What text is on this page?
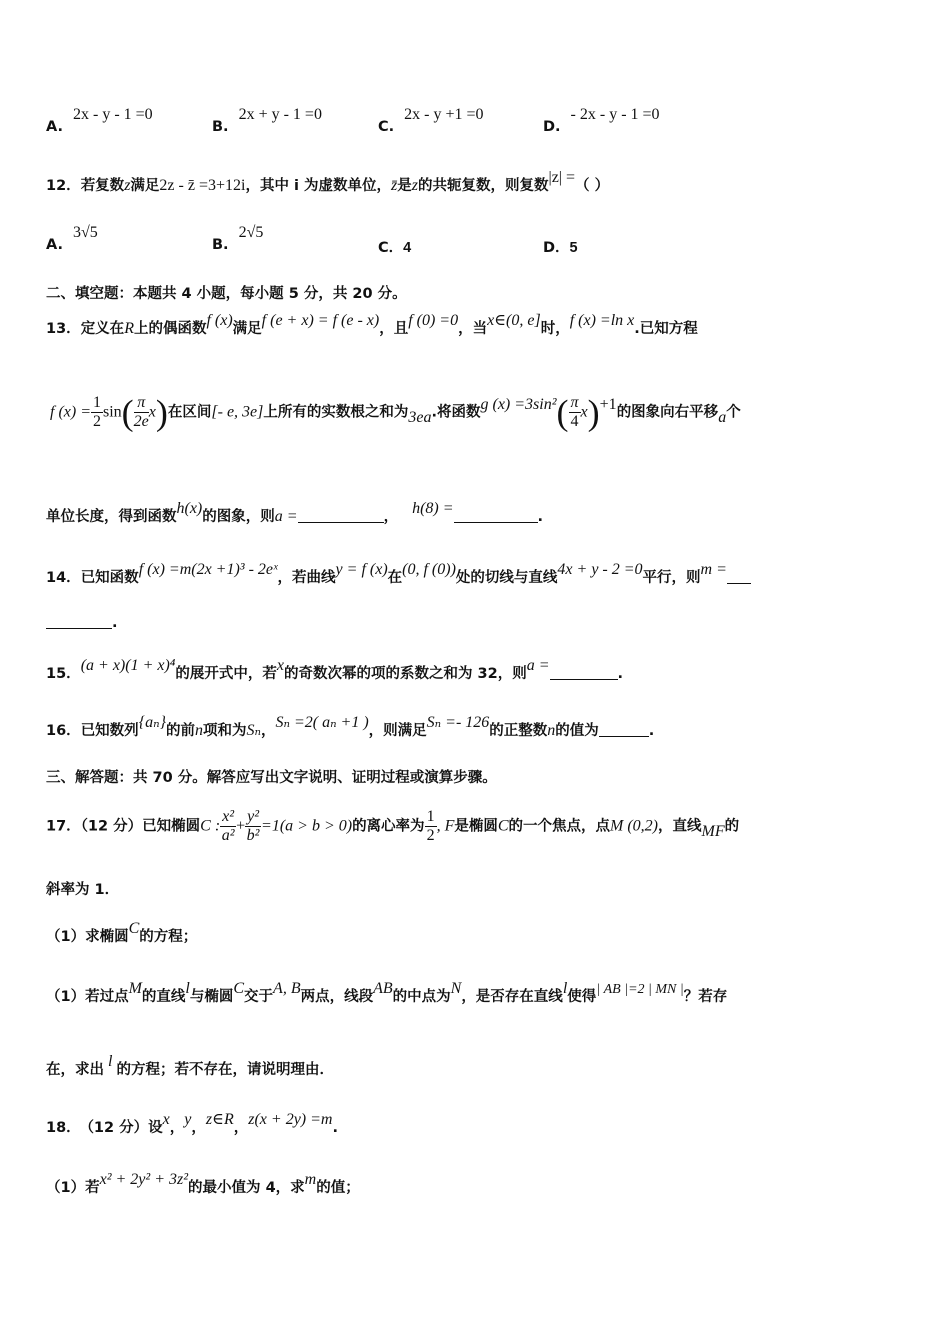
A.2x - y - 1 =0
B.2x + y - 1 =0
C.2x - y +1 =0
D.- 2x - y - 1 =0
12．若复数z满足2z - z̄ =3+12i，其中 i 为虚数单位，z̄是z的共轭复数，则复数|z| =（ ）
A.3√5
B.2√5
C．4	D．5
二、填空题：本题共 4 小题，每小题 5 分，共 20 分。
13．定义在R上的偶函数f (x)满足f (e + x) = f (e - x)，且f (0) =0，当x∈(0, e]时，f (x) =ln x.已知方程
f $(x) = \frac{1}{2} \sin( \frac{\pi}{2e} x)$在区间[- e, 3e]上所有的实数根之和为3ea.将函数g $(x) =3\sin^2( \frac{\pi}{4} x)+1$的图象向右平移a个
单位长度，得到函数h(x)的图象，则a =	， h(8) =	.
14．已知函数f (x) =m(2x +1)³ - 2eˣ，若曲线y = f (x)在(0, f (0))处的切线与直线4x + y - 2 =0平行，则m =
.
15．(a + x)(1 + x)⁴的展开式中，若x的奇数次幂的项的系数之和为 32，则a =	.
16．已知数列{aₙ}的前n项和为Sₙ，Sₙ =2( aₙ +1 )，则满足Sₙ =- 126的正整数n的值为	.
三、解答题：共 70 分。解答应写出文字说明、证明过程或演算步骤。
17．（12 分）已知椭圆C : $\frac{\text{x²}}{\text{a²}} + \frac{\text{y²}}{\text{b²}} =1(a > b > 0)$的离心率为 $\frac{1}{2}$ , F是椭圆C的一个焦点，点M (0,2)，直线MF的
斜率为 1．
（1）求椭圆C的方程；
（1）若过点M的直线l与椭圆C交于A, B两点，线段AB的中点为N，是否存在直线l使得| AB |=2 | MN |？若存
在，求出 l 的方程；若不存在，请说明理由．
18． （12 分）设x，y，z∈R，z(x + 2y) =m.
（1）若x² + 2y² + 3z²的最小值为 4，求m的值；
